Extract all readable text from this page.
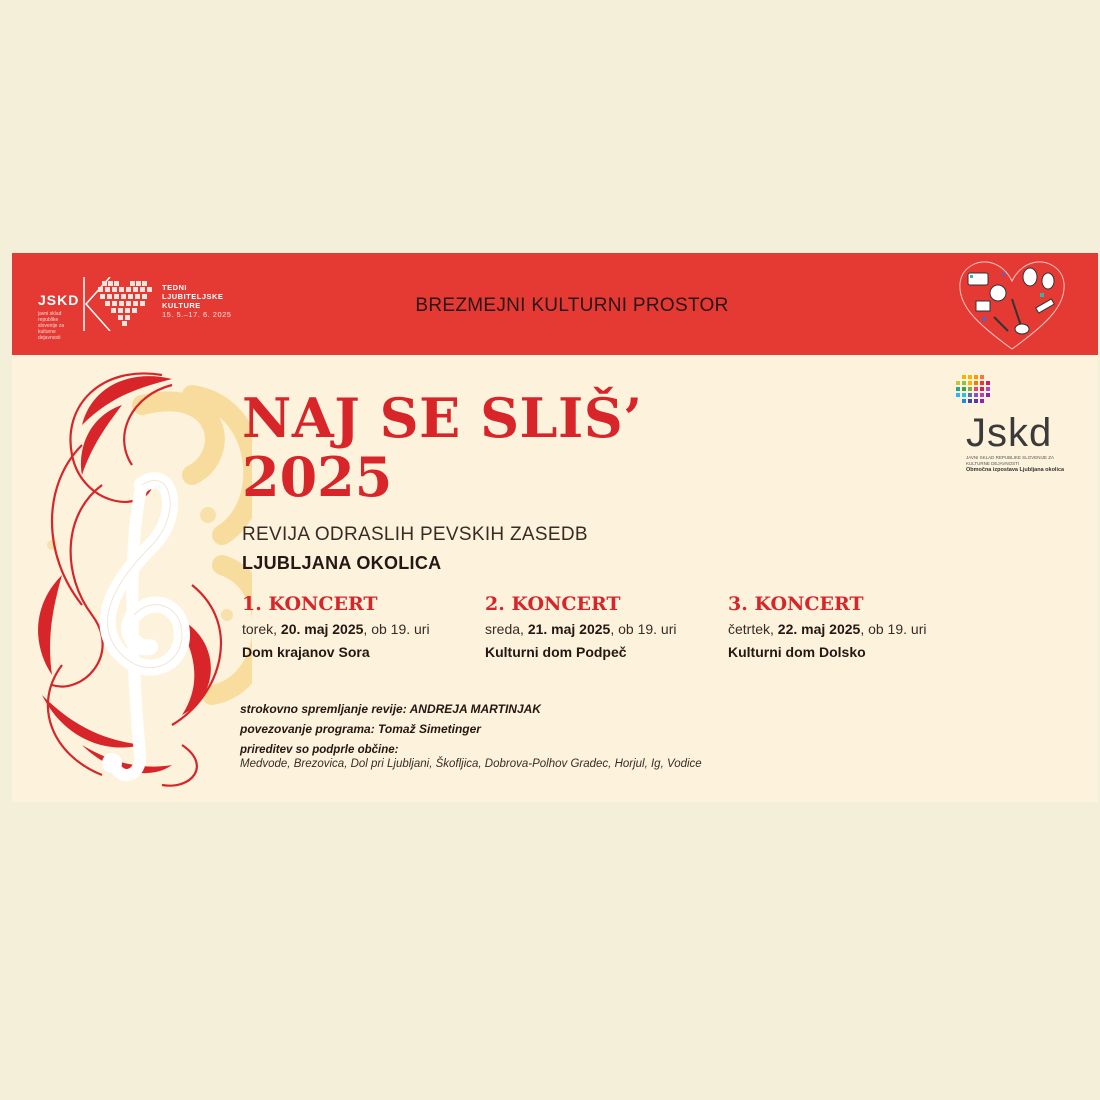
JSKD
javni sklad republike slovenije za kulturne dejavnosti
TEDNI
LJUBITELJSKE
KULTURE
15. 5.–17. 6. 2025	BREZMEJNI KULTURNI PROSTOR
NAJ SE SLIŠ’
2025
REVIJA ODRASLIH PEVSKIH ZASEDB
LJUBLJANA OKOLICA
1. KONCERT
torek, 20. maj 2025, ob 19. uri
Dom krajanov Sora
2. KONCERT
sreda, 21. maj 2025, ob 19. uri
Kulturni dom Podpeč
3. KONCERT
četrtek, 22. maj 2025, ob 19. uri
Kulturni dom Dolsko
strokovno spremljanje revije: ANDREJA MARTINJAK
povezovanje programa: Tomaž Simetinger
prireditev so podprle občine:
Medvode, Brezovica, Dol pri Ljubljani, Škofljica, Dobrova-Polhov Gradec, Horjul, Ig, Vodice
Jskd
JAVNI SKLAD REPUBLIKE SLOVENIJE ZA KULTURNE DEJAVNOSTI
Območna izpostava Ljubljana okolica
